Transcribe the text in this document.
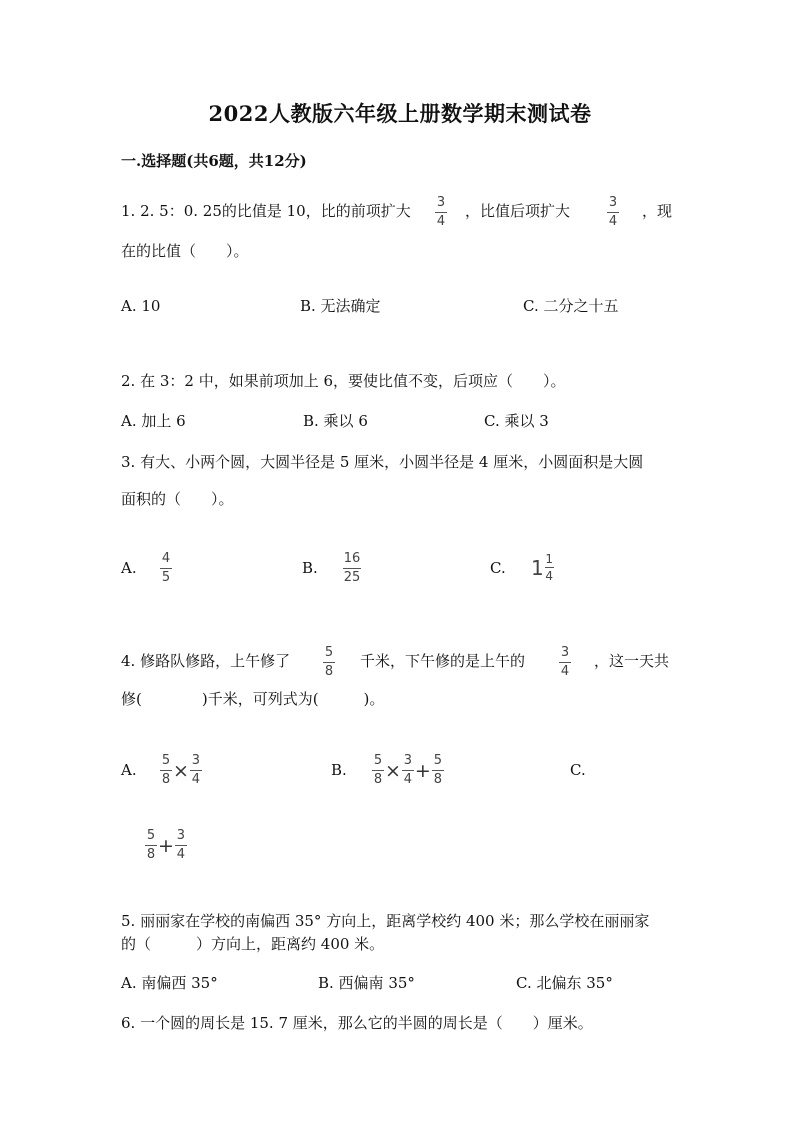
2022人教版六年级上册数学期末测试卷
一.选择题(共6题，共12分)
1. 2. 5：0. 25的比值是 10，比的前项扩大 3
4
，比值后项扩大	3
4
，现
在的比值（　　）。
A. 10	B. 无法确定	C. 二分之十五
2. 在 3：2 中，如果前项加上 6，要使比值不变，后项应（　　）。
A. 加上 6	B. 乘以 6	C. 乘以 3
3. 有大、小两个圆，大圆半径是 5 厘米，小圆半径是 4 厘米，小圆面积是大圆
面积的（　　）。
A.
4
5
B.
16
25
C. $1 \frac{1}{4}$
4. 修路队修路，上午修了	5
8
千米，下午修的是上午的	3
4
，这一天共
修(　　　　)千米，可列式为(　　　)。
A. $\frac{5}{8} \times \frac{3}{4}$	B. $\frac{5}{8} \times \frac{3}{4} + \frac{5}{8}$	C.
$\frac{5}{8} + \frac{3}{4}$
5. 丽丽家在学校的南偏西 35° 方向上，距离学校约 400 米；那么学校在丽丽家
的（　　　）方向上，距离约 400 米。
A. 南偏西 35°	B. 西偏南 35°	C. 北偏东 35°
6. 一个圆的周长是 15. 7 厘米，那么它的半圆的周长是（　　）厘米。
